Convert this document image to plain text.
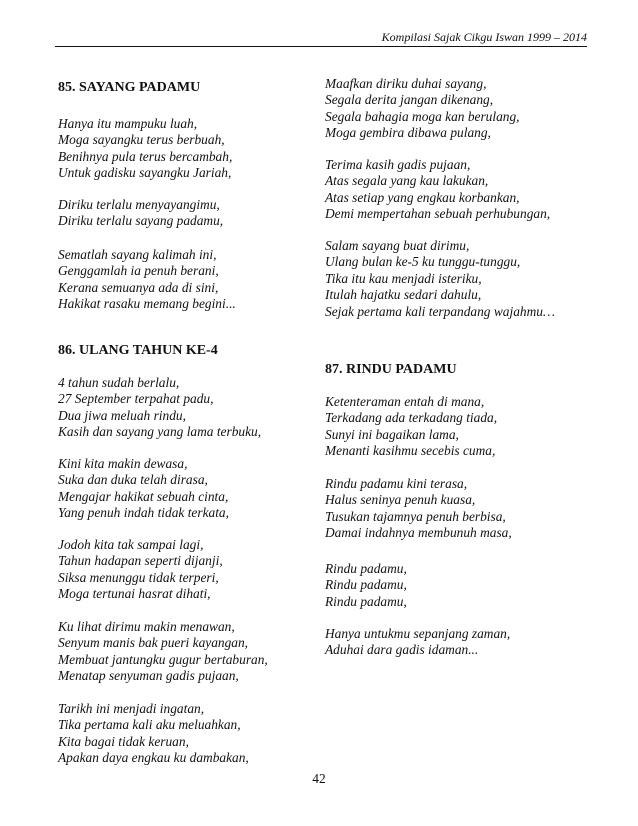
Kompilasi Sajak Cikgu Iswan 1999 – 2014
85. SAYANG PADAMU
Hanya itu mampuku luah,
Moga sayangku terus berbuah,
Benihnya pula terus bercambah,
Untuk gadisku sayangku Jariah,
Diriku terlalu menyayangimu,
Diriku terlalu sayang padamu,
Sematlah sayang kalimah ini,
Genggamlah ia penuh berani,
Kerana semuanya ada di sini,
Hakikat rasaku memang begini...
86. ULANG TAHUN KE-4
4 tahun sudah berlalu,
27 September terpahat padu,
Dua jiwa meluah rindu,
Kasih dan sayang yang lama terbuku,
Kini kita makin dewasa,
Suka dan duka telah dirasa,
Mengajar hakikat sebuah cinta,
Yang penuh indah tidak terkata,
Jodoh kita tak sampai lagi,
Tahun hadapan seperti dijanji,
Siksa menunggu tidak terperi,
Moga tertunai hasrat dihati,
Ku lihat dirimu makin menawan,
Senyum manis bak pueri kayangan,
Membuat jantungku gugur bertaburan,
Menatap senyuman gadis pujaan,
Tarikh ini menjadi ingatan,
Tika pertama kali aku meluahkan,
Kita bagai tidak keruan,
Apakan daya engkau ku dambakan,
Maafkan diriku duhai sayang,
Segala derita jangan dikenang,
Segala bahagia moga kan berulang,
Moga gembira dibawa pulang,
Terima kasih gadis pujaan,
Atas segala yang kau lakukan,
Atas setiap yang engkau korbankan,
Demi mempertahan sebuah perhubungan,
Salam sayang buat dirimu,
Ulang bulan ke-5 ku tunggu-tunggu,
Tika itu kau menjadi isteriku,
Itulah hajatku sedari dahulu,
Sejak pertama kali terpandang wajahmu…
87. RINDU PADAMU
Ketenteraman entah di mana,
Terkadang ada terkadang tiada,
Sunyi ini bagaikan lama,
Menanti kasihmu secebis cuma,
Rindu padamu kini terasa,
Halus seninya penuh kuasa,
Tusukan tajamnya penuh berbisa,
Damai indahnya membunuh masa,
Rindu padamu,
Rindu padamu,
Rindu padamu,
Hanya untukmu sepanjang zaman,
Aduhai dara gadis idaman...
42
